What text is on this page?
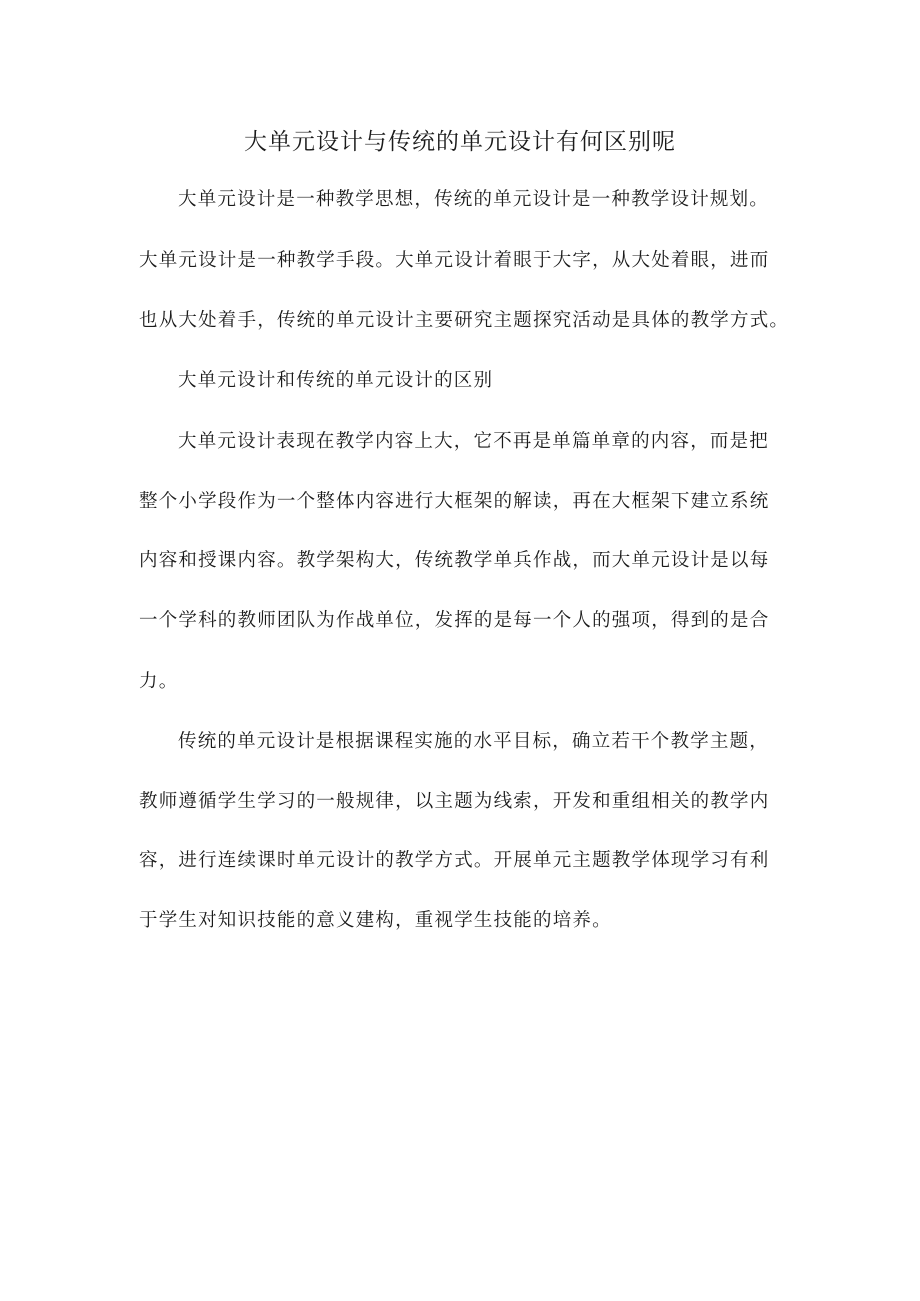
大单元设计与传统的单元设计有何区别呢
大单元设计是一种教学思想，传统的单元设计是一种教学设计规划。
大单元设计是一种教学手段。大单元设计着眼于大字，从大处着眼，进而
也从大处着手，传统的单元设计主要研究主题探究活动是具体的教学方式。
大单元设计和传统的单元设计的区别
大单元设计表现在教学内容上大，它不再是单篇单章的内容，而是把
整个小学段作为一个整体内容进行大框架的解读，再在大框架下建立系统
内容和授课内容。教学架构大，传统教学单兵作战，而大单元设计是以每
一个学科的教师团队为作战单位，发挥的是每一个人的强项，得到的是合
力。
传统的单元设计是根据课程实施的水平目标，确立若干个教学主题，
教师遵循学生学习的一般规律，以主题为线索，开发和重组相关的教学内
容，进行连续课时单元设计的教学方式。开展单元主题教学体现学习有利
于学生对知识技能的意义建构，重视学生技能的培养。
